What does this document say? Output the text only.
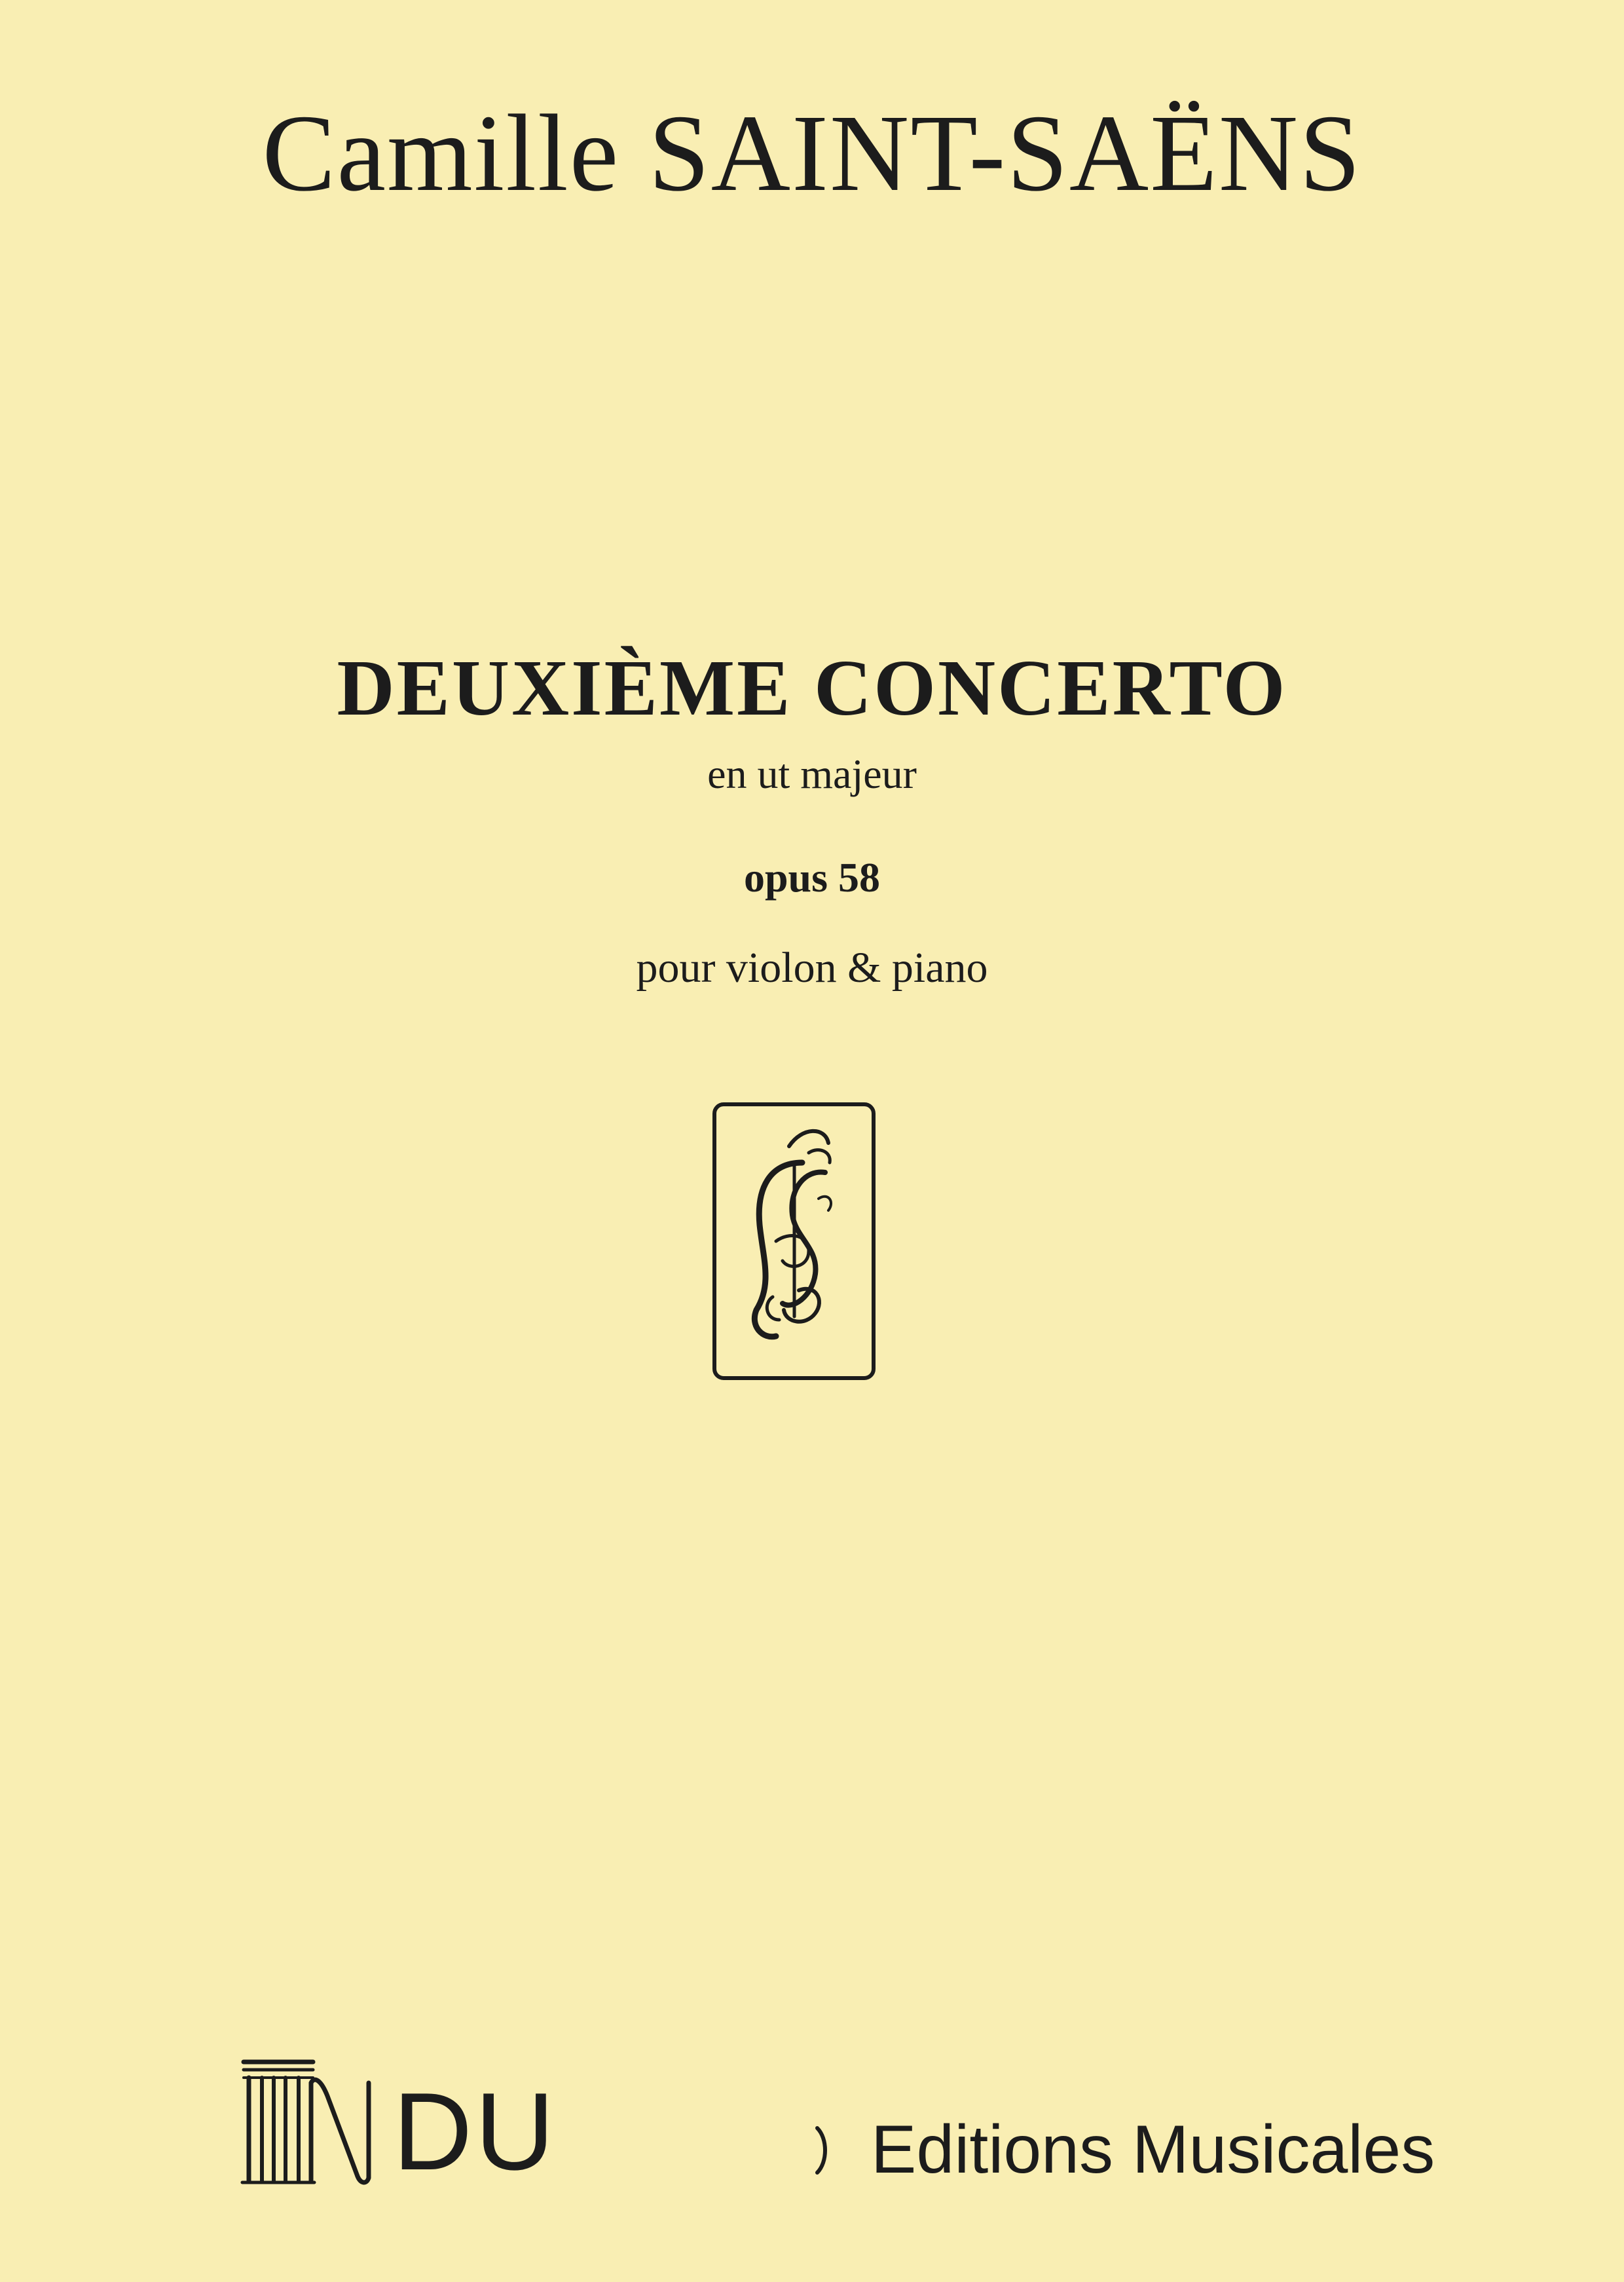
Camille SAINT-SAËNS
DEUXIÈME CONCERTO
en ut majeur
opus 58
pour violon & piano
DU	Editions Musicales
